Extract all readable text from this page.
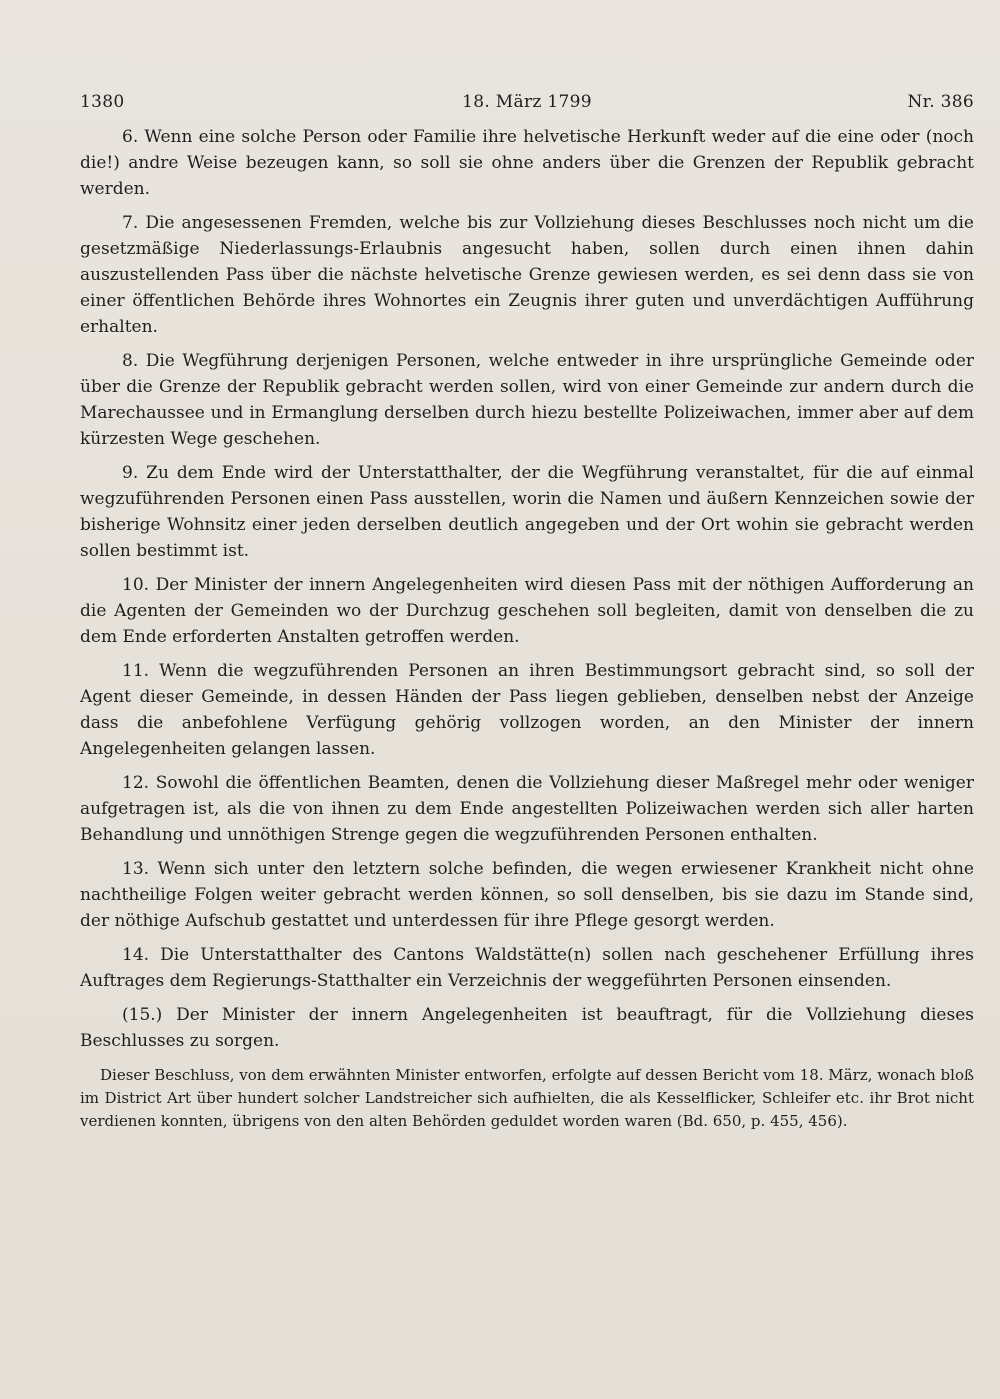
1380	18. März 1799	Nr. 386

6. Wenn eine solche Person oder Familie ihre helvetische Herkunft weder auf die eine oder (noch die!) andre Weise bezeugen kann, so soll sie ohne anders über die Grenzen der Republik gebracht werden.

7. Die angesessenen Fremden, welche bis zur Vollziehung dieses Beschlusses noch nicht um die gesetzmäßige Niederlassungs-Erlaubnis angesucht haben, sollen durch einen ihnen dahin auszustellenden Pass über die nächste helvetische Grenze gewiesen werden, es sei denn dass sie von einer öffentlichen Behörde ihres Wohnortes ein Zeugnis ihrer guten und unverdächtigen Aufführung erhalten.

8. Die Wegführung derjenigen Personen, welche entweder in ihre ursprüngliche Gemeinde oder über die Grenze der Republik gebracht werden sollen, wird von einer Gemeinde zur andern durch die Marechaussee und in Ermanglung derselben durch hiezu bestellte Polizeiwachen, immer aber auf dem kürzesten Wege geschehen.

9. Zu dem Ende wird der Unterstatthalter, der die Wegführung veranstaltet, für die auf einmal wegzuführenden Personen einen Pass ausstellen, worin die Namen und äußern Kennzeichen sowie der bisherige Wohnsitz einer jeden derselben deutlich angegeben und der Ort wohin sie gebracht werden sollen bestimmt ist.

10. Der Minister der innern Angelegenheiten wird diesen Pass mit der nöthigen Aufforderung an die Agenten der Gemeinden wo der Durchzug geschehen soll begleiten, damit von denselben die zu dem Ende erforderten Anstalten getroffen werden.

11. Wenn die wegzuführenden Personen an ihren Bestimmungsort gebracht sind, so soll der Agent dieser Gemeinde, in dessen Händen der Pass liegen geblieben, denselben nebst der Anzeige dass die anbefohlene Verfügung gehörig vollzogen worden, an den Minister der innern Angelegenheiten gelangen lassen.

12. Sowohl die öffentlichen Beamten, denen die Vollziehung dieser Maßregel mehr oder weniger aufgetragen ist, als die von ihnen zu dem Ende angestellten Polizeiwachen werden sich aller harten Behandlung und unnöthigen Strenge gegen die wegzuführenden Personen enthalten.

13. Wenn sich unter den letztern solche befinden, die wegen erwiesener Krankheit nicht ohne nachtheilige Folgen weiter gebracht werden können, so soll denselben, bis sie dazu im Stande sind, der nöthige Aufschub gestattet und unterdessen für ihre Pflege gesorgt werden.

14. Die Unterstatthalter des Cantons Waldstätte(n) sollen nach geschehener Erfüllung ihres Auftrages dem Regierungs-Statthalter ein Verzeichnis der weggeführten Personen einsenden.

(15.) Der Minister der innern Angelegenheiten ist beauftragt, für die Vollziehung dieses Beschlusses zu sorgen.

Dieser Beschluss, von dem erwähnten Minister entworfen, erfolgte auf dessen Bericht vom 18. März, wonach bloß im District Art über hundert solcher Landstreicher sich aufhielten, die als Kesselflicker, Schleifer etc. ihr Brot nicht verdienen konnten, übrigens von den alten Behörden geduldet worden waren (Bd. 650, p. 455, 456).
